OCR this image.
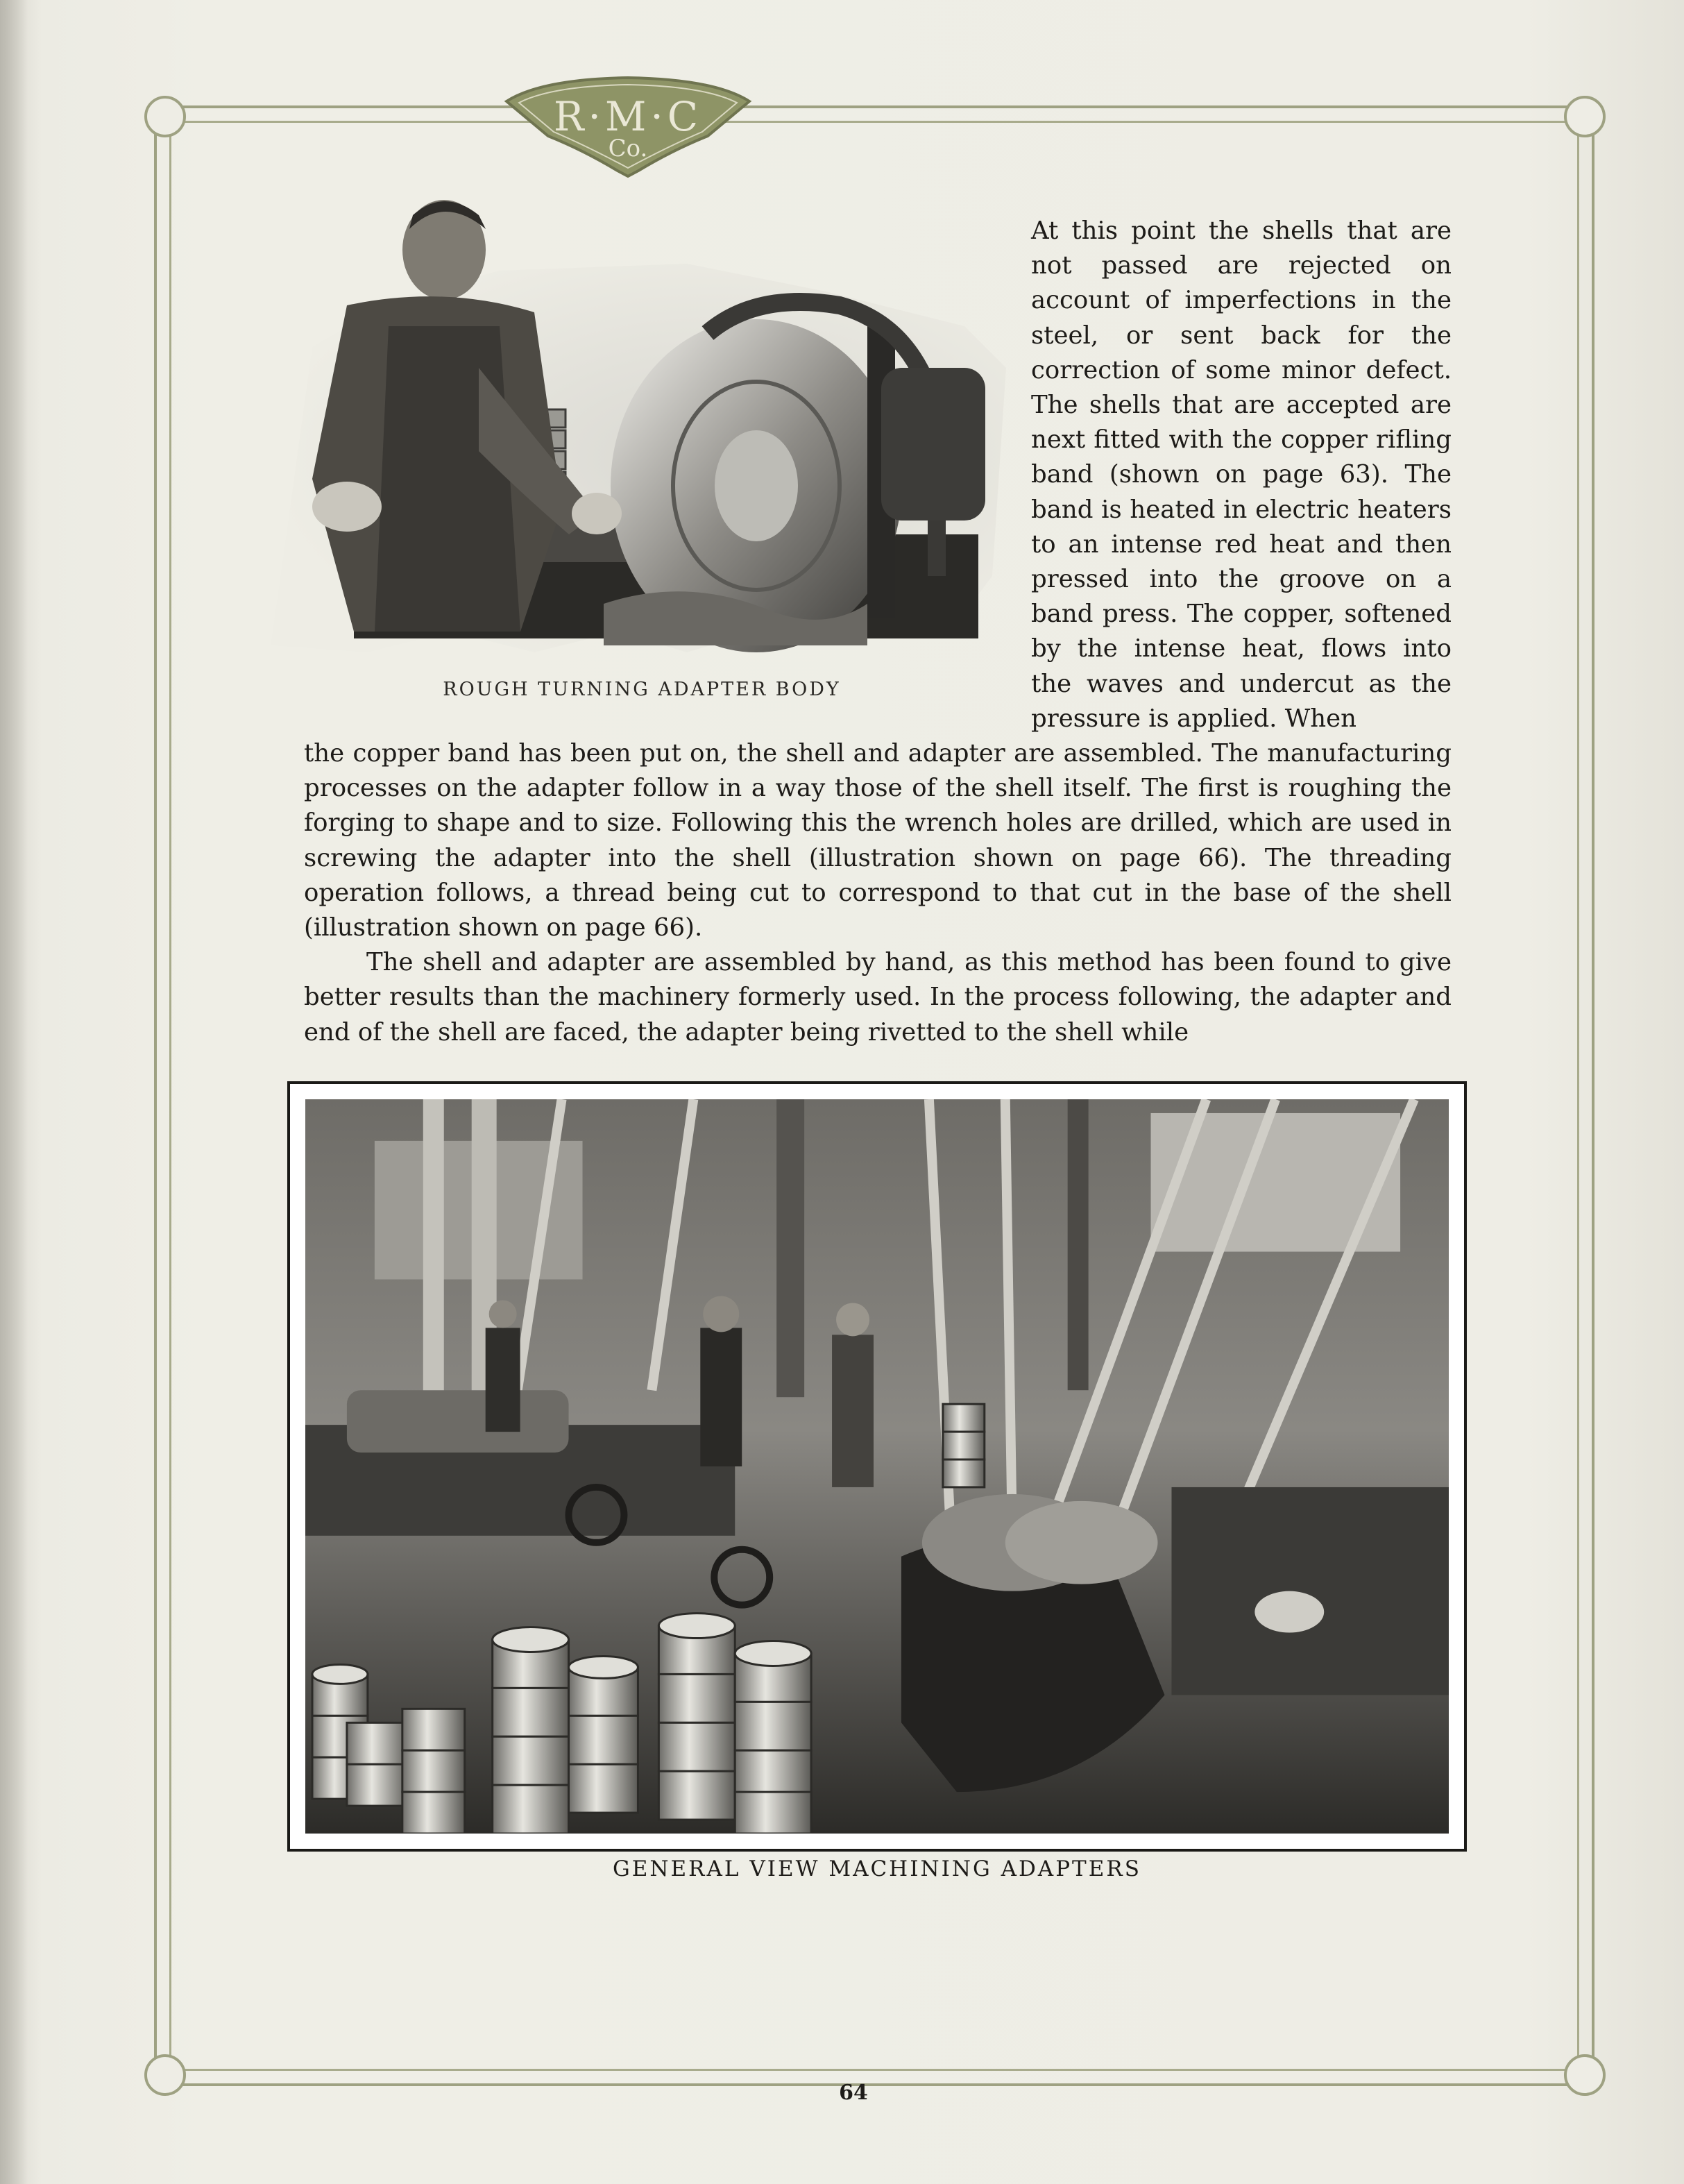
R·M·C
Co.
ROUGH TURNING ADAPTER BODY

At this point the shells that are not passed are rejected on account of imperfections in the steel, or sent back for the correction of some minor defect. The shells that are accepted are next fitted with the copper rifling band (shown on page 63). The band is heated in electric heaters to an intense red heat and then pressed into the groove on a band press. The copper, softened by the intense heat, flows into the waves and undercut as the pressure is applied. When

the copper band has been put on, the shell and adapter are assembled. The manufacturing processes on the adapter follow in a way those of the shell itself. The first is roughing the forging to shape and to size. Following this the wrench holes are drilled, which are used in screwing the adapter into the shell (illustration shown on page 66). The threading operation follows, a thread being cut to correspond to that cut in the base of the shell (illustration shown on page 66).

The shell and adapter are assembled by hand, as this method has been found to give better results than the machinery formerly used. In the process following, the adapter and end of the shell are faced, the adapter being rivetted to the shell while

GENERAL VIEW MACHINING ADAPTERS
64
